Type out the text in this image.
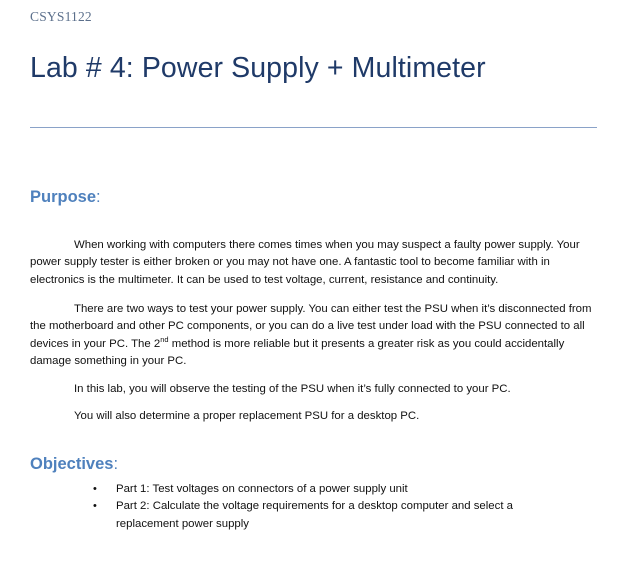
CSYS1122
Lab # 4: Power Supply + Multimeter
Purpose:

When working with computers there comes times when you may suspect a faulty power supply. Your power supply tester is either broken or you may not have one. A fantastic tool to become familiar with in electronics is the multimeter. It can be used to test voltage, current, resistance and continuity.

There are two ways to test your power supply. You can either test the PSU when it’s disconnected from the motherboard and other PC components, or you can do a live test under load with the PSU connected to all devices in your PC. The 2nd method is more reliable but it presents a greater risk as you could accidentally damage something in your PC.

In this lab, you will observe the testing of the PSU when it’s fully connected to your PC.

You will also determine a proper replacement PSU for a desktop PC.

Objectives:
• Part 1: Test voltages on connectors of a power supply unit
• Part 2: Calculate the voltage requirements for a desktop computer and select a replacement power supply
